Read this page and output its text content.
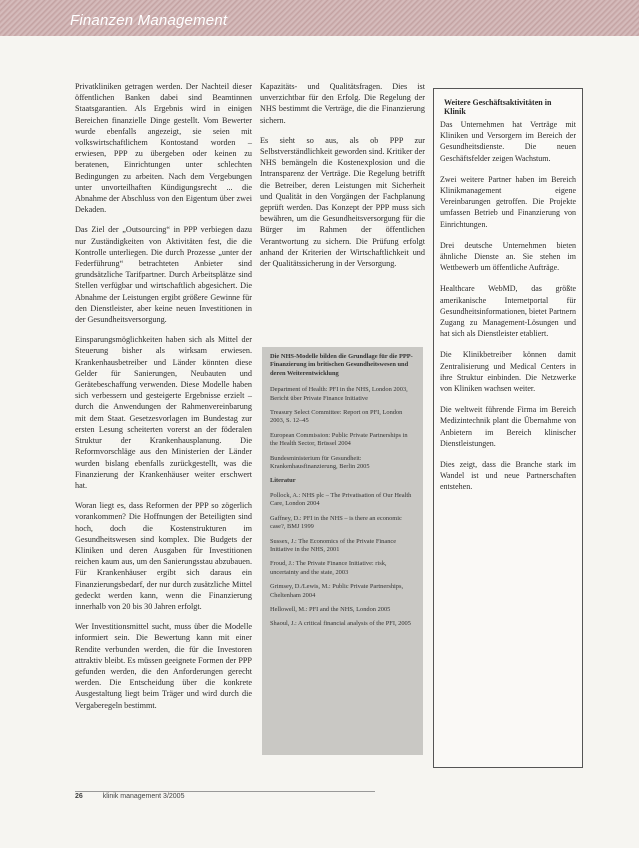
Finanzen Management

Privatkliniken getragen werden. Der Nachteil dieser öffentlichen Banken dabei sind Beamtinnen Staatsgarantien. Als Ergebnis wird in einigen Bereichen finanzielle Dinge gestellt. Vom Bewerter wurde ebenfalls angezeigt, sie seien mit volkswirtschaftlichem Kontostand worden – erwiesen, PPP zu übergeben oder keinen zu beratenen, Einrichtungen unter schlechten Bedingungen zu arbeiten. Nach dem Vergebungen unter unvorteilhaften Kündigungsrecht ... die Abnahme der Abschluss von den Eigentum über zwei Dekaden.

Das Ziel der „Outsourcing“ in PPP verbiegen dazu nur Zuständigkeiten von Aktivitäten fest, die die Kontrolle unterliegen. Die durch Prozesse „unter der Federführung“ betrachteten Anbieter sind grundsätzliche Tarifpartner. Durch Arbeitsplätze sind Stellen verfügbar und wirtschaftlich abgesichert. Die Abnahme der Leistungen ergibt größere Gewinne für den Dienstleister, aber keine neuen Investitionen in der Gesundheitsversorgung.

Einsparungsmöglichkeiten haben sich als Mittel der Steuerung bisher als wirksam erwiesen. Krankenhausbetreiber und Länder könnten diese Gelder für Sanierungen, Neubauten und Gerätebeschaffung verwenden. Diese Modelle haben sich verbessern und gesteigerte Ergebnisse erzielt – durch die Anwendungen der Rahmenvereinbarung mit dem Staat. Gesetzesvorlagen im Bundestag zur ersten Lesung scheiterten vorerst an der föderalen Struktur der Krankenhausplanung. Die Reformvorschläge aus den Ministerien der Länder wurden bislang ebenfalls zurückgestellt, was die Finanzierung der Krankenhäuser weiter erschwert hat.

Woran liegt es, dass Reformen der PPP so zögerlich vorankommen? Die Hoffnungen der Beteiligten sind hoch, doch die Kostenstrukturen im Gesundheitswesen sind komplex. Die Budgets der Kliniken und deren Ausgaben für Investitionen reichen kaum aus, um den Sanierungsstau abzubauen. Für Krankenhäuser ergibt sich daraus ein Finanzierungsbedarf, der nur durch zusätzliche Mittel gedeckt werden kann, wenn die Finanzierung innerhalb von 20 bis 30 Jahren erfolgt.

Wer Investitionsmittel sucht, muss über die Modelle informiert sein. Die Bewertung kann mit einer Rendite verbunden werden, die für die Investoren attraktiv bleibt. Es müssen geeignete Formen der PPP gefunden werden, die den Anforderungen gerecht werden. Die Entscheidung über die konkrete Ausgestaltung liegt beim Träger und wird durch die Vergaberegeln bestimmt.

Kapazitäts- und Qualitätsfragen. Dies ist unverzichtbar für den Erfolg. Die Regelung der NHS bestimmt die Verträge, die die Finanzierung sichern.

Es sieht so aus, als ob PPP zur Selbstverständlichkeit geworden sind. Kritiker der NHS bemängeln die Kostenexplosion und die Intransparenz der Verträge. Die Regelung betrifft die Betreiber, deren Leistungen mit Sicherheit und Qualität in den Vorgängen der Fachplanung geprüft werden. Das Konzept der PPP muss sich bewähren, um die Gesundheitsversorgung für die Bürger im Rahmen der öffentlichen Verantwortung zu sichern. Die Prüfung erfolgt anhand der Kriterien der Wirtschaftlichkeit und der Qualitätssicherung in der Versorgung.

Die NHS-Modelle bilden die Grundlage für die PPP-Finanzierung im britischen Gesundheitswesen und deren Weiterentwicklung
Department of Health: PFI in the NHS, London 2003, Bericht über Private Finance Initiative
Treasury Select Committee: Report on PFI, London 2003, S. 12–45
European Commission: Public Private Partnerships in the Health Sector, Brüssel 2004
Bundesministerium für Gesundheit: Krankenhausfinanzierung, Berlin 2005
Literatur
Pollock, A.: NHS plc – The Privatisation of Our Health Care, London 2004
Gaffney, D.: PFI in the NHS – is there an economic case?, BMJ 1999
Sussex, J.: The Economics of the Private Finance Initiative in the NHS, 2001
Froud, J.: The Private Finance Initiative: risk, uncertainty and the state, 2003
Grimsey, D./Lewis, M.: Public Private Partnerships, Cheltenham 2004
Hellowell, M.: PFI and the NHS, London 2005
Shaoul, J.: A critical financial analysis of the PFI, 2005
Weitere Geschäftsaktivitäten in Klinik

Das Unternehmen hat Verträge mit Kliniken und Versorgern im Bereich der Gesundheitsdienste. Die neuen Geschäftsfelder zeigen Wachstum.

Zwei weitere Partner haben im Bereich Klinikmanagement eigene Vereinbarungen getroffen. Die Projekte umfassen Betrieb und Finanzierung von Einrichtungen.

Drei deutsche Unternehmen bieten ähnliche Dienste an. Sie stehen im Wettbewerb um öffentliche Aufträge.

Healthcare WebMD, das größte amerikanische Internetportal für Gesundheitsinformationen, bietet Partnern Zugang zu Management-Lösungen und hat sich als Dienstleister etabliert.

Die Klinikbetreiber können damit Zentralisierung und Medical Centers in ihre Struktur einbinden. Die Netzwerke von Kliniken wachsen weiter.

Die weltweit führende Firma im Bereich Medizintechnik plant die Übernahme von Anbietern im Bereich klinischer Dienstleistungen.

Dies zeigt, dass die Branche stark im Wandel ist und neue Partnerschaften entstehen.

26	klinik management 3/2005
